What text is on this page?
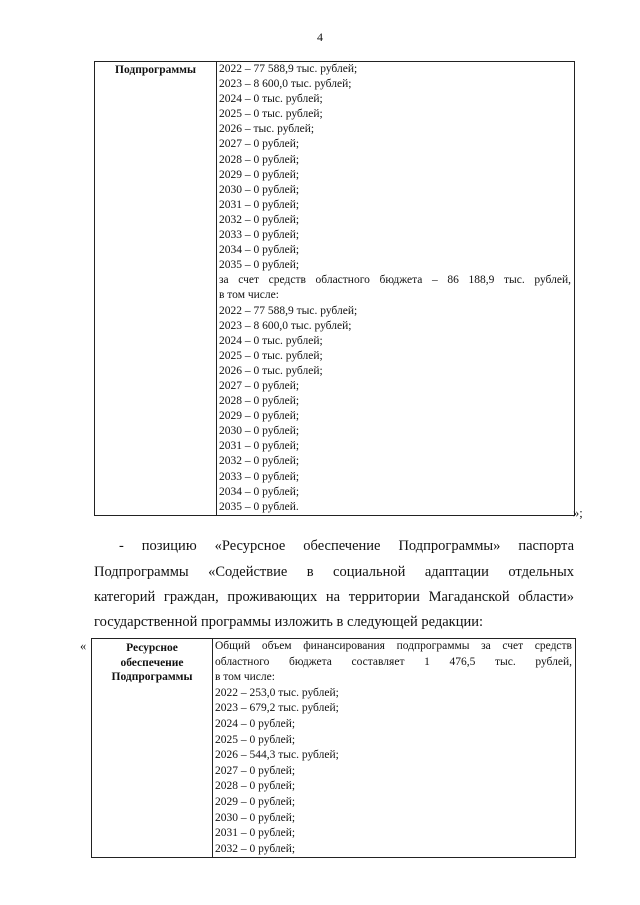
4
Подпрограммы	2022 – 77 588,9 тыс. рублей;
2023 – 8 600,0 тыс. рублей;
2024 – 0 тыс. рублей;
2025 – 0 тыс. рублей;
2026 – тыс. рублей;
2027 – 0 рублей;
2028 – 0 рублей;
2029 – 0 рублей;
2030 – 0 рублей;
2031 – 0 рублей;
2032 – 0 рублей;
2033 – 0 рублей;
2034 – 0 рублей;
2035 – 0 рублей;
за счет средств областного бюджета – 86 188,9 тыс. рублей,
в том числе:
2022 – 77 588,9 тыс. рублей;
2023 – 8 600,0 тыс. рублей;
2024 – 0 тыс. рублей;
2025 – 0 тыс. рублей;
2026 – 0 тыс. рублей;
2027 – 0 рублей;
2028 – 0 рублей;
2029 – 0 рублей;
2030 – 0 рублей;
2031 – 0 рублей;
2032 – 0 рублей;
2033 – 0 рублей;
2034 – 0 рублей;
2035 – 0 рублей.	»;
- позицию «Ресурсное обеспечение Подпрограммы» паспорта
Подпрограммы «Содействие в социальной адаптации отдельных
категорий граждан, проживающих на территории Магаданской области»
государственной программы изложить в следующей редакции:
«	Ресурсное
обеспечение
Подпрограммы

Общий объем финансирования подпрограммы за счет средств
областного бюджета составляет 1 476,5 тыс. рублей,
в том числе:
2022 – 253,0 тыс. рублей;
2023 – 679,2 тыс. рублей;
2024 – 0 рублей;
2025 – 0 рублей;
2026 – 544,3 тыс. рублей;
2027 – 0 рублей;
2028 – 0 рублей;
2029 – 0 рублей;
2030 – 0 рублей;
2031 – 0 рублей;
2032 – 0 рублей;
